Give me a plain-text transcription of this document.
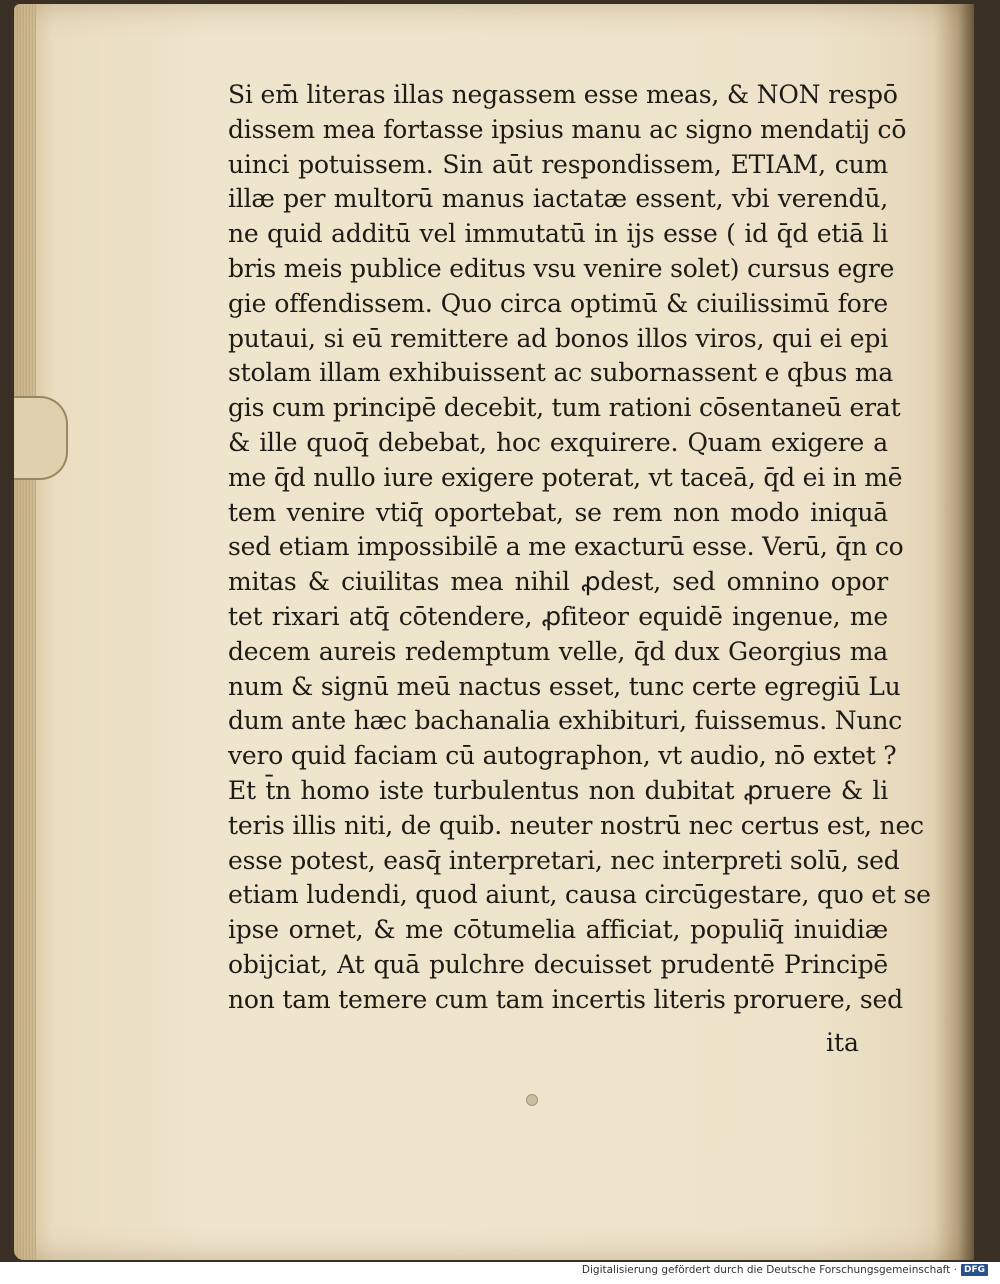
Si em̄ literas illas negassem esse meas, & NON respō
dissem mea fortasse ipsius manu ac signo mendatij cō
uinci potuissem. Sin aūt respondissem, ETIAM, cum
illæ per multorū manus iactatæ essent, vbi verendū,
ne quid additū vel immutatū in ijs esse ( id q̄d etiā li
bris meis publice editus vsu venire solet) cursus egre
gie offendissem. Quo circa optimū & ciuilissimū fore
putaui, si eū remittere ad bonos illos viros, qui ei epi
stolam illam exhibuissent ac subornassent e qbus ma
gis cum principē decebit, tum rationi cōsentaneū erat
& ille quoq̄ debebat, hoc exquirere. Quam exigere a
me q̄d nullo iure exigere poterat, vt taceā, q̄d ei in mē
tem venire vtiq̄ oportebat, se rem non modo iniquā
sed etiam impossibilē a me exacturū esse. Verū, q̄n co
mitas & ciuilitas mea nihil ꝓdest, sed omnino opor
tet rixari atq̄ cōtendere, ꝓfiteor equidē ingenue, me
decem aureis redemptum velle, q̄d dux Georgius ma
num & signū meū nactus esset, tunc certe egregiū Lu
dum ante hæc bachanalia exhibituri, fuissemus. Nunc
vero quid faciam cū autographon, vt audio, nō extet ?
Et t̄n homo iste turbulentus non dubitat ꝓruere & li
teris illis niti, de quib. neuter nostrū nec certus est, nec
esse potest, easq̄ interpretari, nec interpreti solū, sed
etiam ludendi, quod aiunt, causa circūgestare, quo et se
ipse ornet, & me cōtumelia afficiat, populiq̄ inuidiæ
obijciat, At quā pulchre decuisset prudentē Principē
non tam temere cum tam incertis literis proruere, sed
ita
Digitalisierung gefördert durch die Deutsche Forschungsgemeinschaft · DFG
